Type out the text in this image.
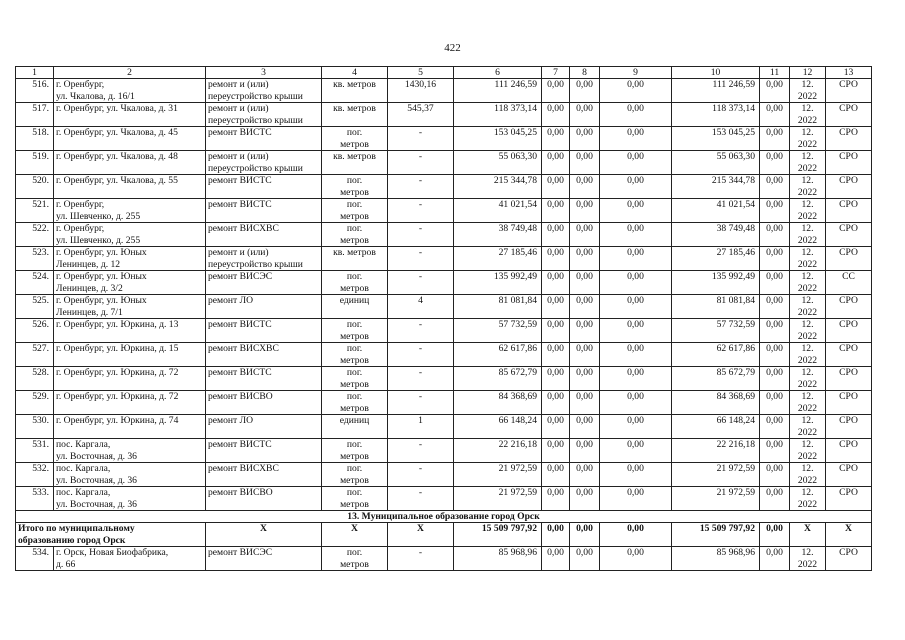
422
1	2	3	4	5	6	7	8	9	10	11	12	13
516.	г. Оренбург,
ул. Чкалова, д. 16/1	ремонт и (или)
переустройство крыши	кв. метров	1430,16	111 246,59	0,00	0,00	0,00	111 246,59	0,00	12.
2022	СРО
517.	г. Оренбург, ул. Чкалова, д. 31	ремонт и (или)
переустройство крыши	кв. метров	545,37	118 373,14	0,00	0,00	0,00	118 373,14	0,00	12.
2022	СРО
518.	г. Оренбург, ул. Чкалова, д. 45	ремонт ВИСТС	пог.
метров	-	153 045,25	0,00	0,00	0,00	153 045,25	0,00	12.
2022	СРО
519.	г. Оренбург, ул. Чкалова, д. 48	ремонт и (или)
переустройство крыши	кв. метров	-	55 063,30	0,00	0,00	0,00	55 063,30	0,00	12.
2022	СРО
520.	г. Оренбург, ул. Чкалова, д. 55	ремонт ВИСТС	пог.
метров	-	215 344,78	0,00	0,00	0,00	215 344,78	0,00	12.
2022	СРО
521.	г. Оренбург,
ул. Шевченко, д. 255	ремонт ВИСТС	пог.
метров	-	41 021,54	0,00	0,00	0,00	41 021,54	0,00	12.
2022	СРО
522.	г. Оренбург,
ул. Шевченко, д. 255	ремонт ВИСХВС	пог.
метров	-	38 749,48	0,00	0,00	0,00	38 749,48	0,00	12.
2022	СРО
523.	г. Оренбург, ул. Юных
Ленинцев, д. 12	ремонт и (или)
переустройство крыши	кв. метров	-	27 185,46	0,00	0,00	0,00	27 185,46	0,00	12.
2022	СРО
524.	г. Оренбург, ул. Юных
Ленинцев, д. 3/2	ремонт ВИСЭС	пог.
метров	-	135 992,49	0,00	0,00	0,00	135 992,49	0,00	12.
2022	СС
525.	г. Оренбург, ул. Юных
Ленинцев, д. 7/1	ремонт ЛО	единиц	4	81 081,84	0,00	0,00	0,00	81 081,84	0,00	12.
2022	СРО
526.	г. Оренбург, ул. Юркина, д. 13	ремонт ВИСТС	пог.
метров	-	57 732,59	0,00	0,00	0,00	57 732,59	0,00	12.
2022	СРО
527.	г. Оренбург, ул. Юркина, д. 15	ремонт ВИСХВС	пог.
метров	-	62 617,86	0,00	0,00	0,00	62 617,86	0,00	12.
2022	СРО
528.	г. Оренбург, ул. Юркина, д. 72	ремонт ВИСТС	пог.
метров	-	85 672,79	0,00	0,00	0,00	85 672,79	0,00	12.
2022	СРО
529.	г. Оренбург, ул. Юркина, д. 72	ремонт ВИСВО	пог.
метров	-	84 368,69	0,00	0,00	0,00	84 368,69	0,00	12.
2022	СРО
530.	г. Оренбург, ул. Юркина, д. 74	ремонт ЛО	единиц	1	66 148,24	0,00	0,00	0,00	66 148,24	0,00	12.
2022	СРО
531.	пос. Каргала,
ул. Восточная, д. 36	ремонт ВИСТС	пог.
метров	-	22 216,18	0,00	0,00	0,00	22 216,18	0,00	12.
2022	СРО
532.	пос. Каргала,
ул. Восточная, д. 36	ремонт ВИСХВС	пог.
метров	-	21 972,59	0,00	0,00	0,00	21 972,59	0,00	12.
2022	СРО
533.	пос. Каргала,
ул. Восточная, д. 36	ремонт ВИСВО	пог.
метров	-	21 972,59	0,00	0,00	0,00	21 972,59	0,00	12.
2022	СРО
13. Муниципальное образование город Орск												

Итого по муниципальному
образованию город Орск		X	X	X	15 509 797,92	0,00	0,00	0,00	15 509 797,92	0,00	X	X
534.	г. Орск, Новая Биофабрика,
д. 66	ремонт ВИСЭС	пог.
метров	-	85 968,96	0,00	0,00	0,00	85 968,96	0,00	12.
2022	СРО
